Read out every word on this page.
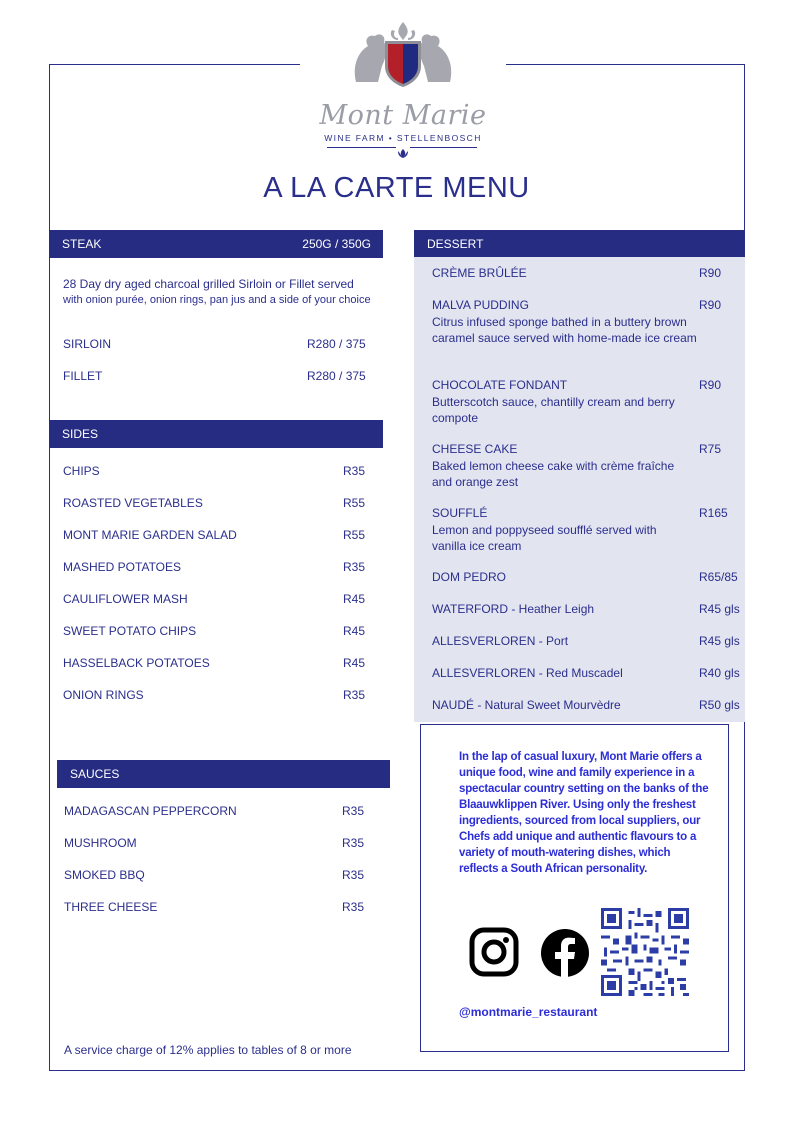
Mont Marie
WINE FARM • STELLENBOSCH
A LA CARTE MENU
STEAK	250G / 350G
28 Day dry aged charcoal grilled Sirloin or Fillet served
with onion purée, onion rings, pan jus and a side of your choice
SIRLOIN	R280 / 375
FILLET	R280 / 375
SIDES
CHIPS	R35
ROASTED VEGETABLES	R55
MONT MARIE GARDEN SALAD	R55
MASHED POTATOES	R35
CAULIFLOWER MASH	R45
SWEET POTATO CHIPS	R45
HASSELBACK POTATOES	R45
ONION RINGS	R35
SAUCES
MADAGASCAN PEPPERCORN	R35
MUSHROOM	R35
SMOKED BBQ	R35
THREE CHEESE	R35
DESSERT
CRÈME BRÛLÉE	R90
MALVA PUDDING	R90
Citrus infused sponge bathed in a buttery brown caramel sauce served with home-made ice cream
CHOCOLATE FONDANT	R90
Butterscotch sauce, chantilly cream and berry compote
CHEESE CAKE	R75
Baked lemon cheese cake with crème fraîche and orange zest
SOUFFLÉ	R165
Lemon and poppyseed soufflé served with vanilla ice cream
DOM PEDRO	R65/85
WATERFORD - Heather Leigh	R45 gls
ALLESVERLOREN - Port	R45 gls
ALLESVERLOREN - Red Muscadel	R40 gls
NAUDÉ - Natural Sweet Mourvèdre	R50 gls
In the lap of casual luxury, Mont Marie offers a unique food, wine and family experience in a spectacular country setting on the banks of the Blaauwklippen River. Using only the freshest ingredients, sourced from local suppliers, our Chefs add unique and authentic flavours to a variety of mouth-watering dishes, which reflects a South African personality.
@montmarie_restaurant
A service charge of 12% applies to tables of 8 or more
